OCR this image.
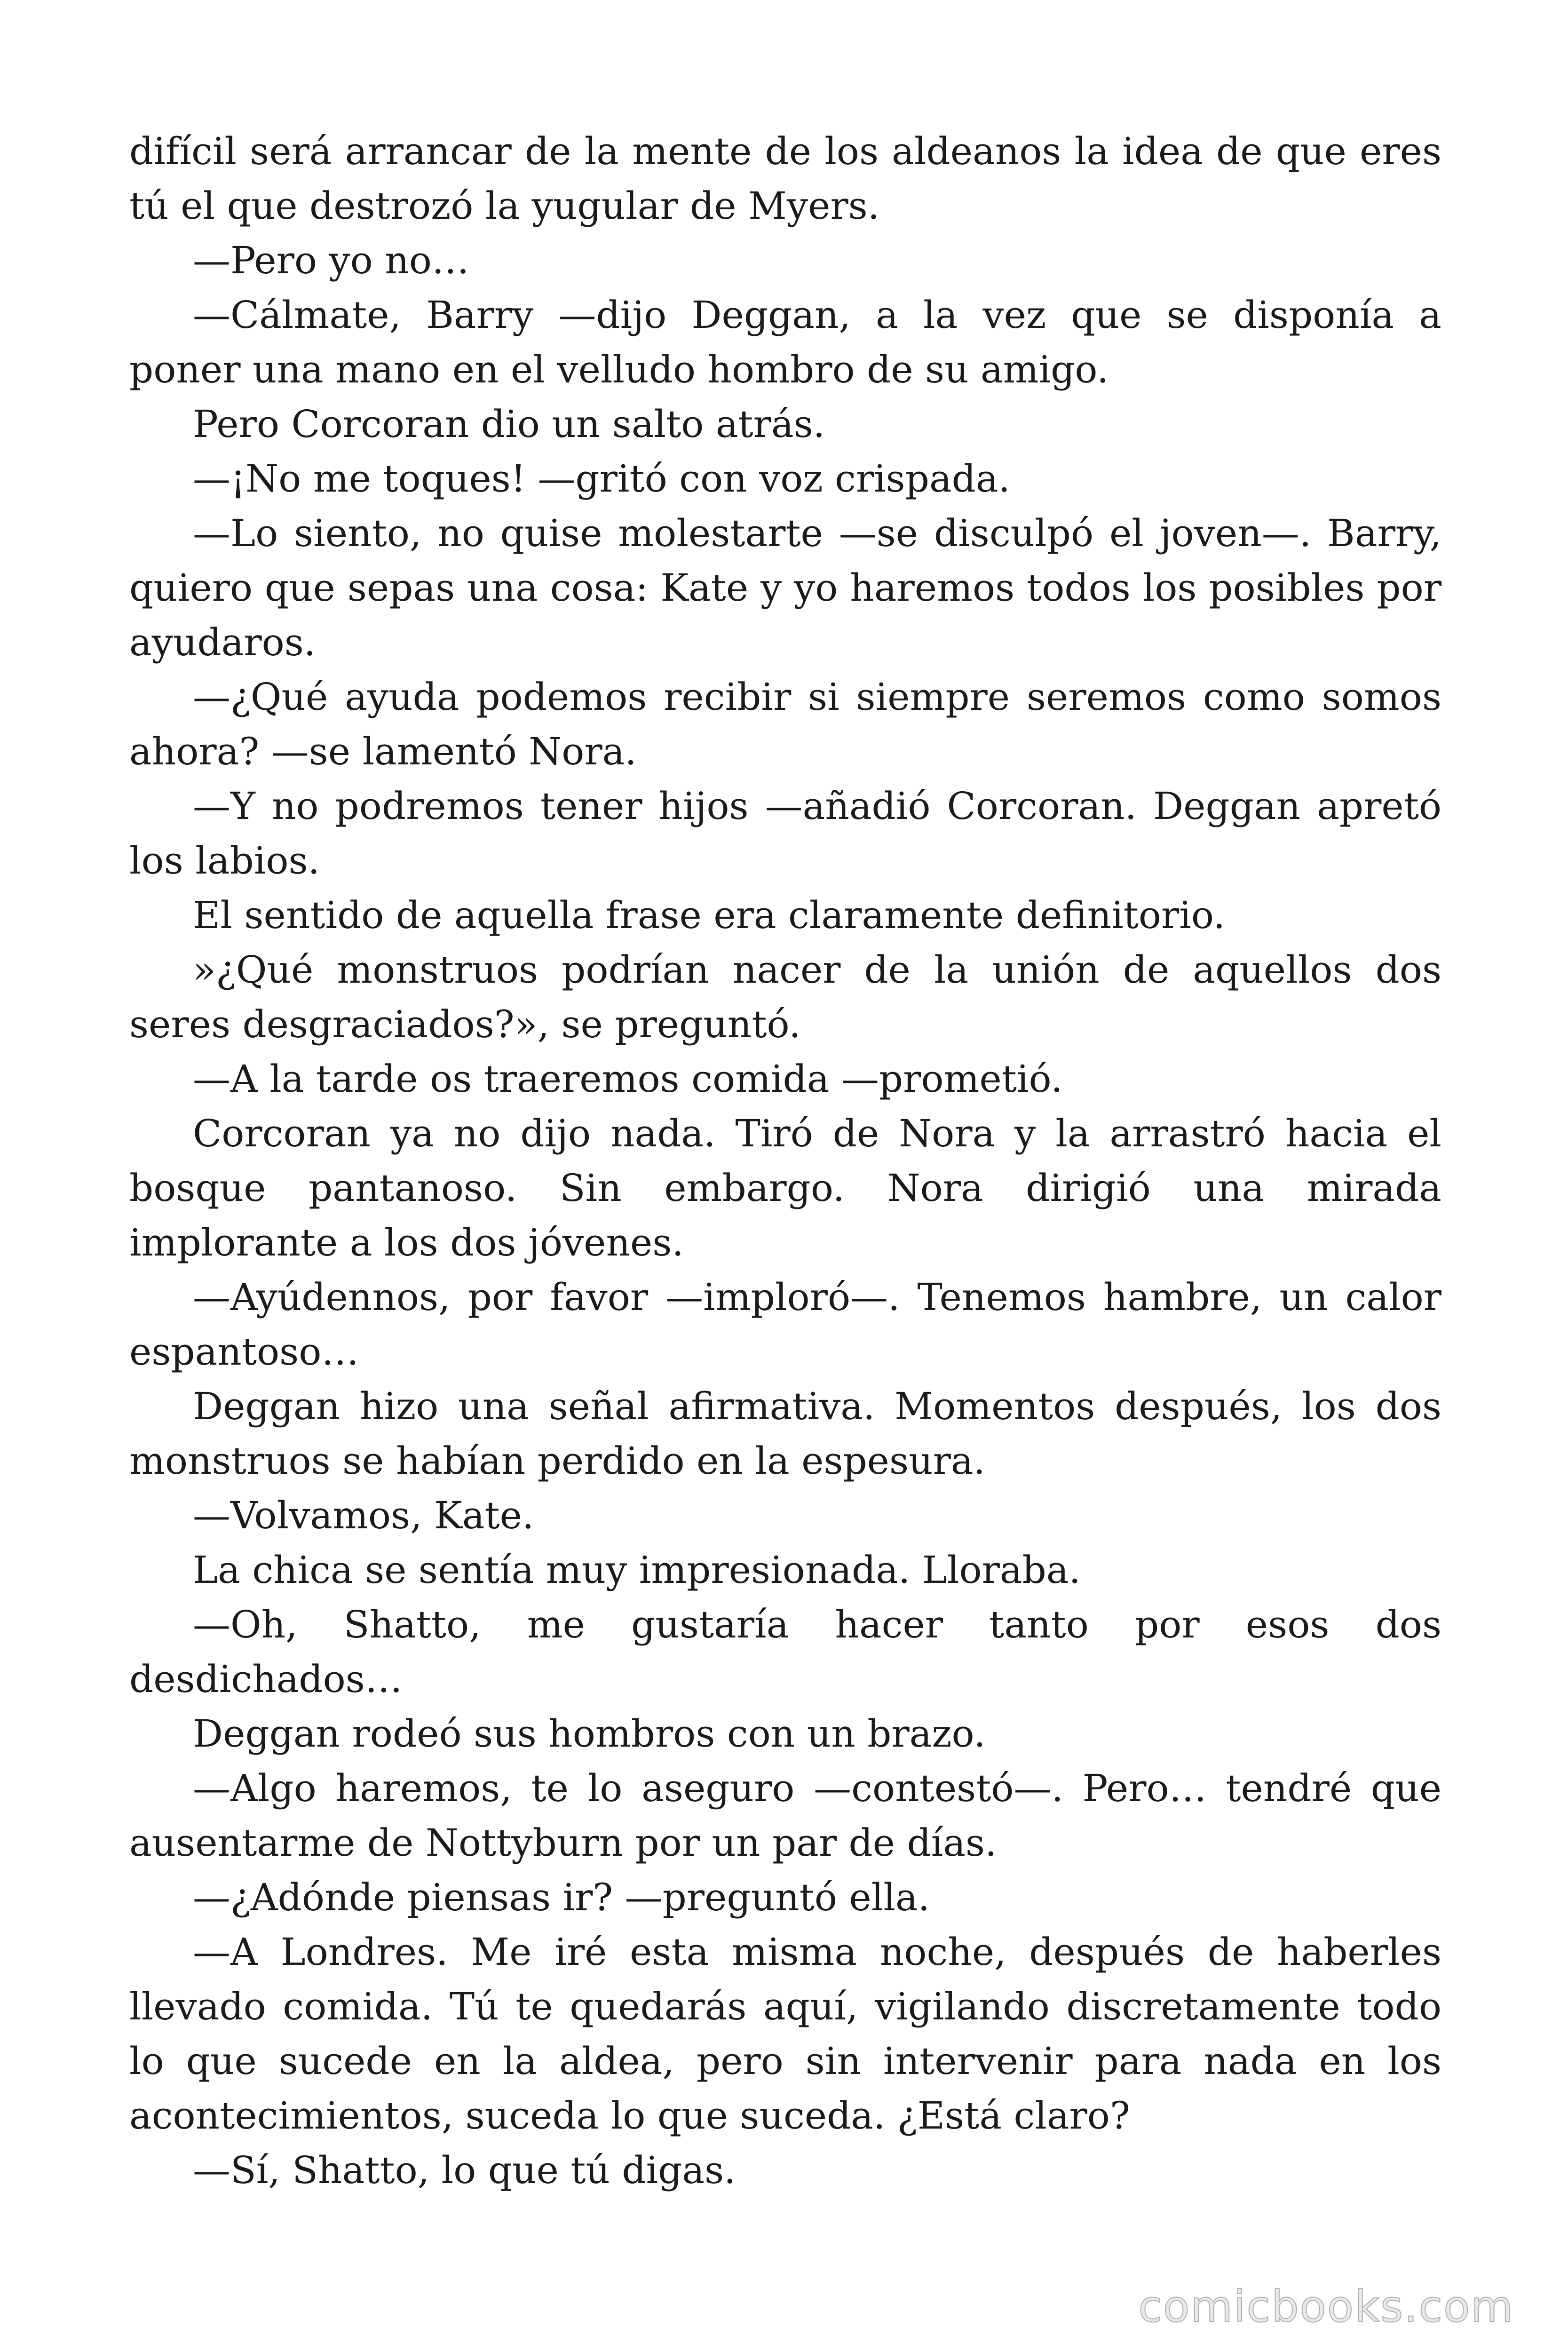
difícil será arrancar de la mente de los aldeanos la idea de que eres

tú el que destrozó la yugular de Myers.

—Pero yo no…

—Cálmate, Barry —dijo Deggan, a la vez que se disponía a

poner una mano en el velludo hombro de su amigo.

Pero Corcoran dio un salto atrás.

—¡No me toques! —gritó con voz crispada.

—Lo siento, no quise molestarte —se disculpó el joven—. Barry,

quiero que sepas una cosa: Kate y yo haremos todos los posibles por

ayudaros.

—¿Qué ayuda podemos recibir si siempre seremos como somos

ahora? —se lamentó Nora.

—Y no podremos tener hijos —añadió Corcoran. Deggan apretó

los labios.

El sentido de aquella frase era claramente definitorio.

»¿Qué monstruos podrían nacer de la unión de aquellos dos

seres desgraciados?», se preguntó.

—A la tarde os traeremos comida —prometió.

Corcoran ya no dijo nada. Tiró de Nora y la arrastró hacia el

bosque pantanoso. Sin embargo. Nora dirigió una mirada

implorante a los dos jóvenes.

—Ayúdennos, por favor —imploró—. Tenemos hambre, un calor

espantoso…

Deggan hizo una señal afirmativa. Momentos después, los dos

monstruos se habían perdido en la espesura.

—Volvamos, Kate.

La chica se sentía muy impresionada. Lloraba.

—Oh, Shatto, me gustaría hacer tanto por esos dos

desdichados…

Deggan rodeó sus hombros con un brazo.

—Algo haremos, te lo aseguro —contestó—. Pero… tendré que

ausentarme de Nottyburn por un par de días.

—¿Adónde piensas ir? —preguntó ella.

—A Londres. Me iré esta misma noche, después de haberles

llevado comida. Tú te quedarás aquí, vigilando discretamente todo

lo que sucede en la aldea, pero sin intervenir para nada en los

acontecimientos, suceda lo que suceda. ¿Está claro?

—Sí, Shatto, lo que tú digas.

comicbooks.com
